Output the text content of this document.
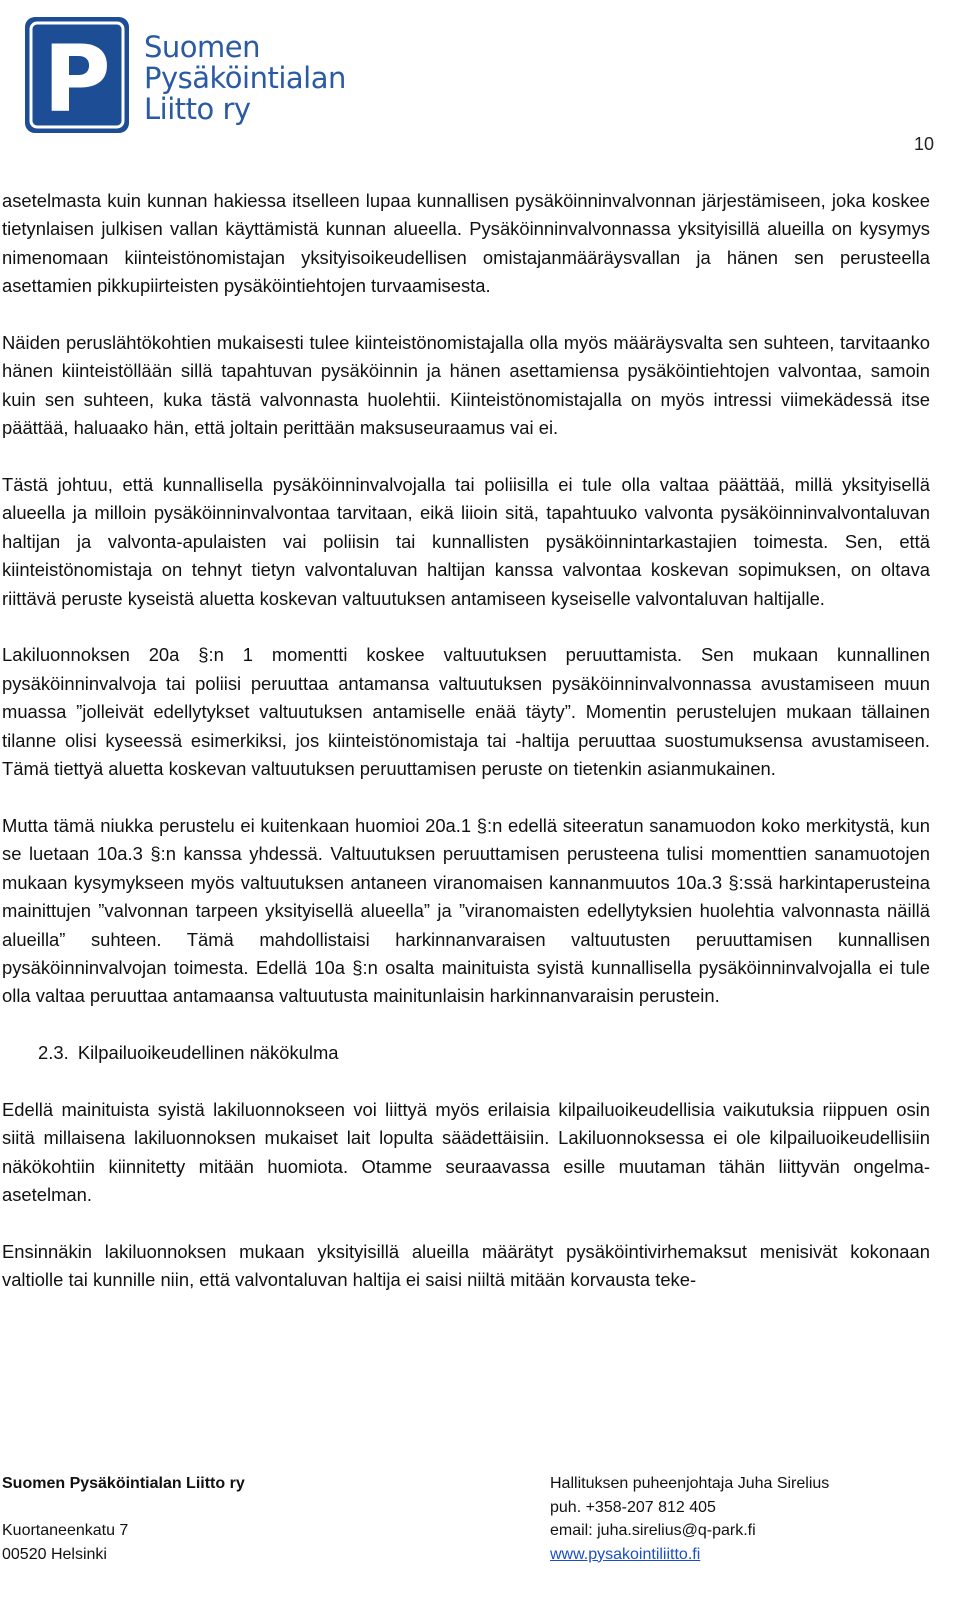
P Suomen
Pysäköintialan
Liitto ry
10

asetelmasta kuin kunnan hakiessa itselleen lupaa kunnallisen pysäköinninvalvonnan järjestämiseen, joka koskee tietynlaisen julkisen vallan käyttämistä kunnan alueella. Pysäköinninvalvonnassa yksityisillä alueilla on kysymys nimenomaan kiinteistönomistajan yksityisoikeudellisen omistajanmääräysvallan ja hänen sen perusteella asettamien pikkupiirteisten pysäköintiehtojen turvaamisesta.

Näiden peruslähtökohtien mukaisesti tulee kiinteistönomistajalla olla myös määräysvalta sen suhteen, tarvitaanko hänen kiinteistöllään sillä tapahtuvan pysäköinnin ja hänen asettamiensa pysäköintiehtojen valvontaa, samoin kuin sen suhteen, kuka tästä valvonnasta huolehtii. Kiinteistönomistajalla on myös intressi viimekädessä itse päättää, haluaako hän, että joltain perittään maksuseuraamus vai ei.

Tästä johtuu, että kunnallisella pysäköinninvalvojalla tai poliisilla ei tule olla valtaa päättää, millä yksityisellä alueella ja milloin pysäköinninvalvontaa tarvitaan, eikä liioin sitä, tapahtuuko valvonta pysäköinninvalvontaluvan haltijan ja valvonta-apulaisten vai poliisin tai kunnallisten pysäköinnintarkastajien toimesta. Sen, että kiinteistönomistaja on tehnyt tietyn valvontaluvan haltijan kanssa valvontaa koskevan sopimuksen, on oltava riittävä peruste kyseistä aluetta koskevan valtuutuksen antamiseen kyseiselle valvontaluvan haltijalle.

Lakiluonnoksen 20a §:n 1 momentti koskee valtuutuksen peruuttamista. Sen mukaan kunnallinen pysäköinninvalvoja tai poliisi peruuttaa antamansa valtuutuksen pysäköinninvalvonnassa avustamiseen muun muassa ”jolleivät edellytykset valtuutuksen antamiselle enää täyty”. Momentin perustelujen mukaan tällainen tilanne olisi kyseessä esimerkiksi, jos kiinteistönomistaja tai -haltija peruuttaa suostumuksensa avustamiseen. Tämä tiettyä aluetta koskevan valtuutuksen peruuttamisen peruste on tietenkin asianmukainen.

Mutta tämä niukka perustelu ei kuitenkaan huomioi 20a.1 §:n edellä siteeratun sanamuodon koko merkitystä, kun se luetaan 10a.3 §:n kanssa yhdessä. Valtuutuksen peruuttamisen perusteena tulisi momenttien sanamuotojen mukaan kysymykseen myös valtuutuksen antaneen viranomaisen kannanmuutos 10a.3 §:ssä harkintaperusteina mainittujen ”valvonnan tarpeen yksityisellä alueella” ja ”viranomaisten edellytyksien huolehtia valvonnasta näillä alueilla” suhteen. Tämä mahdollistaisi harkinnanvaraisen valtuutusten peruuttamisen kunnallisen pysäköinninvalvojan toimesta. Edellä 10a §:n osalta mainituista syistä kunnallisella pysäköinninvalvojalla ei tule olla valtaa peruuttaa antamaansa valtuutusta mainitunlaisin harkinnanvaraisin perustein.

2.3. Kilpailuoikeudellinen näkökulma

Edellä mainituista syistä lakiluonnokseen voi liittyä myös erilaisia kilpailuoikeudellisia vaikutuksia riippuen osin siitä millaisena lakiluonnoksen mukaiset lait lopulta säädettäisiin. Lakiluonnoksessa ei ole kilpailuoikeudellisiin näkökohtiin kiinnitetty mitään huomiota. Otamme seuraavassa esille muutaman tähän liittyvän ongelma-asetelman.

Ensinnäkin lakiluonnoksen mukaan yksityisillä alueilla määrätyt pysäköintivirhemaksut menisivät kokonaan valtiolle tai kunnille niin, että valvontaluvan haltija ei saisi niiltä mitään korvausta teke-

Suomen Pysäköintialan Liitto ry
Kuortaneenkatu 7
00520 Helsinki
Hallituksen puheenjohtaja Juha Sirelius
puh. +358-207 812 405
email: juha.sirelius@q-park.fi
www.pysakointiliitto.fi
